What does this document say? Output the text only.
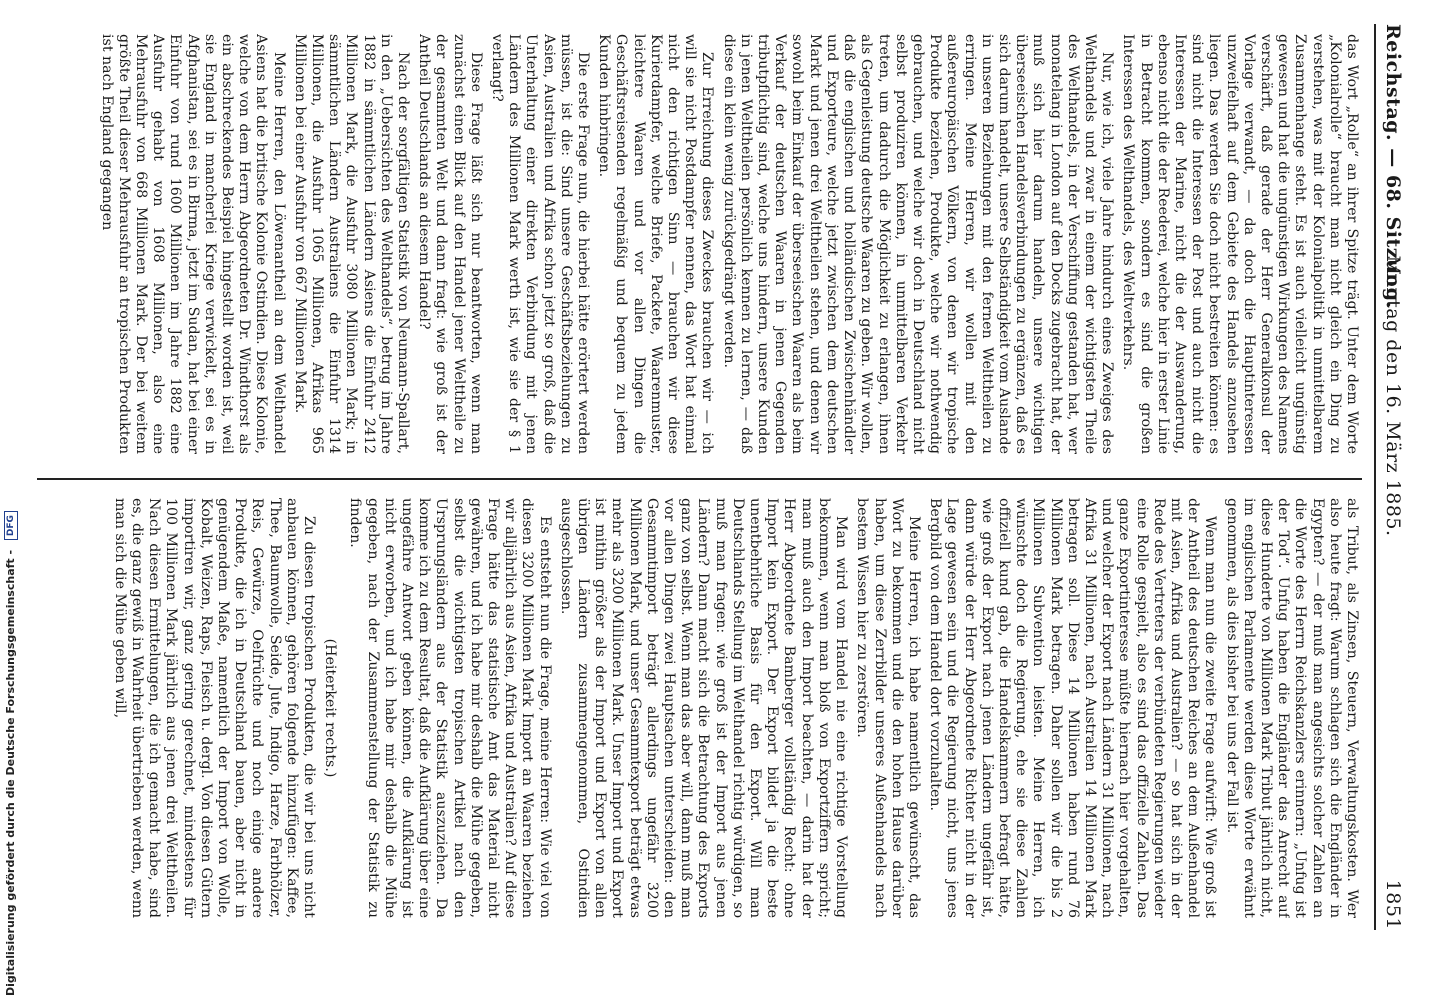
Reichstag. — 68. Sitzung.
Montag den 16. März 1885.  1851

das Wort „Rolle“ an ihrer Spitze trägt. Unter dem Worte „Kolonialrolle“ braucht man nicht gleich ein Ding zu verstehen, was mit der Kolonialpolitik in unmittelbarem Zusammenhange steht. Es ist auch vielleicht ungünstig gewesen und hat die ungünstigen Wirkungen des Namens verschärft, daß gerade der Herr Generalkonsul der Vorlage verwandt, — da doch die Hauptinteressen unzweifelhaft auf dem Gebiete des Handels anzusehen liegen. Das werden Sie doch nicht bestreiten können: es sind nicht die Interessen der Post und auch nicht die Interessen der Marine, nicht die der Auswanderung, ebenso nicht die der Reederei, welche hier in erster Linie in Betracht kommen, sondern es sind die großen Interessen des Welthandels, des Weltverkehrs.

Nur, wie ich, viele Jahre hindurch eines Zweiges des Welthandels und zwar in einem der wichtigsten Theile des Welthandels, in der Verschiffung gestanden hat, wer monatelang in London auf den Docks zugebracht hat, der muß sich hier darum handeln, unsere wichtigen überseeischen Handelsverbindungen zu ergänzen, daß es sich darum handelt, unsere Selbständigkeit vom Auslande in unseren Beziehungen mit den fernen Welttheilen zu erringen. Meine Herren, wir wollen mit den außereuropäischen Völkern, von denen wir tropische Produkte beziehen, Produkte, welche wir nothwendig gebrauchen, und welche wir doch in Deutschland nicht selbst produziren können, in unmittelbaren Verkehr treten, um dadurch die Möglichkeit zu erlangen, ihnen als Gegenleistung deutsche Waaren zu geben. Wir wollen, daß die englischen und holländischen Zwischenhändler und Exporteure, welche jetzt zwischen dem deutschen Markt und jenen drei Welttheilen stehen, und denen wir sowohl beim Einkauf der überseeischen Waaren als beim Verkauf der deutschen Waaren in jenen Gegenden tributpflichtig sind, welche uns hindern, unsere Kunden in jenen Welttheilen persönlich kennen zu lernen, — daß diese ein klein wenig zurückgedrängt werden.

Zur Erreichung dieses Zweckes brauchen wir — ich will sie nicht Postdampfer nennen, das Wort hat einmal nicht den richtigen Sinn — brauchen wir diese Kurierdampfer, welche Briefe, Packete, Waarenmuster, leichtere Waaren und vor allen Dingen die Geschäftsreisenden regelmäßig und bequem zu jedem Kunden hinbringen.

Die erste Frage nun, die hierbei hätte erörtert werden müssen, ist die: Sind unsere Geschäftsbeziehungen zu Asien, Australien und Afrika schon jetzt so groß, daß die Unterhaltung einer direkten Verbindung mit jenen Ländern des Millionen Mark werth ist, wie sie der § 1 verlangt?

Diese Frage läßt sich nur beantworten, wenn man zunächst einen Blick auf den Handel jener Welttheile zu der gesammten Welt und dann fragt: wie groß ist der Antheil Deutschlands an diesem Handel?

Nach der sorgfältigen Statistik von Neumann-Spallart, in den „Uebersichten des Welthandels“, betrug im Jahre 1882 in sämmtlichen Ländern Asiens die Einfuhr 2412 Millionen Mark, die Ausfuhr 3080 Millionen Mark; in sämmtlichen Ländern Australiens die Einfuhr 1314 Millionen, die Ausfuhr 1065 Millionen, Afrikas 965 Millionen bei einer Ausfuhr von 667 Millionen Mark.

Meine Herren, den Löwenantheil an dem Welthandel Asiens hat die britische Kolonie Ostindien. Diese Kolonie, welche von dem Herrn Abgeordneten Dr. Windthorst als ein abschreckendes Beispiel hingestellt worden ist, weil sie England in mancherlei Kriege verwickelt, sei es in Afghanistan, sei es in Birma, jetzt im Sudan, hat bei einer Einfuhr von rund 1600 Millionen im Jahre 1882 eine Ausfuhr gehabt von 1608 Millionen, also eine Mehrausfuhr von 668 Millionen Mark. Der bei weitem größte Theil dieser Mehrausfuhr an tropischen Produkten ist nach England gegangen

als Tribut, als Zinsen, Steuern, Verwaltungskosten. Wer also heute fragt: Warum schlagen sich die Engländer in Egypten? — der muß man angesichts solcher Zahlen an die Worte des Herrn Reichskanzlers erinnern: „Unfug ist der Tod“. Unfug haben die Engländer das Anrecht auf diese Hunderte von Millionen Mark Tribut jährlich nicht, im englischen Parlamente werden diese Worte erwähnt genommen, als dies bisher bei uns der Fall ist.

Wenn man nun die zweite Frage aufwirft: Wie groß ist der Antheil des deutschen Reiches an dem Außenhandel mit Asien, Afrika und Australien? — so hat sich in der Rede des Vertreters der verbündeten Regierungen wieder eine Rolle gespielt, also es sind das offizielle Zahlen. Das ganze Exportinteresse müßte hiernach hier vorgehalten, und welcher der Export nach Ländern 31 Millionen, nach Afrika 31 Millionen, nach Australien 14 Millionen Mark betragen soll. Diese 14 Millionen haben rund 76 Millionen Mark betragen. Daher sollen wir die bis 2 Millionen Subvention leisten. Meine Herren, ich wünschte doch die Regierung, ehe sie diese Zahlen offiziell kund gab, die Handelskammern befragt hätte, wie groß der Export nach jenen Ländern ungefähr ist, dann würde der Herr Abgeordnete Richter nicht in der Lage gewesen sein und die Regierung nicht, uns jenes Bergbild von dem Handel dort vorzuhalten.

Meine Herren, ich habe namentlich gewünscht, das Wort zu bekommen und die den hohen Hause darüber haben, um diese Zerrbilder unseres Außenhandels nach bestem Wissen hier zu zerstören.

Man wird vom Handel nie eine richtige Vorstellung bekommen, wenn man bloß von Exportziffern spricht; man muß auch den Import beachten, — darin hat der Herr Abgeordnete Bamberger vollständig Recht: ohne Import kein Export. Der Export bildet ja die beste unentbehrliche Basis für den Export. Will man Deutschlands Stellung im Welthandel richtig würdigen, so muß man fragen: wie groß ist der Import aus jenen Ländern? Dann macht sich die Betrachtung des Exports ganz von selbst. Wenn man das aber will, dann muß man vor allen Dingen zwei Hauptsachen unterscheiden: den Gesammtimport beträgt allerdings ungefähr 3200 Millionen Mark, und unser Gesammtexport beträgt etwas mehr als 3200 Millionen Mark. Unser Import und Export ist mithin größer als der Import und Export von allen übrigen Ländern zusammengenommen, Ostindien ausgeschlossen.

Es entsteht nun die Frage, meine Herren: Wie viel von diesen 3200 Millionen Mark Import an Waaren beziehen wir alljährlich aus Asien, Afrika und Australien? Auf diese Frage hätte das statistische Amt das Material nicht gewähren, und ich habe mir deshalb die Mühe gegeben, selbst die wichtigsten tropischen Artikel nach den Ursprungsländern aus der Statistik auszuziehen. Da komme ich zu dem Resultat, daß die Aufklärung über eine ungefähre Antwort geben können, die Aufklärung ist nicht erworben, und ich habe mir deshalb die Mühe gegeben, nach der Zusammenstellung der Statistik zu finden.

(Heiterkeit rechts.)

Zu diesen tropischen Produkten, die wir bei uns nicht anbauen können, gehören folgende hinzufügen: Kaffee, Thee, Baumwolle, Seide, Jute, Indigo, Harze, Farbhölzer, Reis, Gewürze, Oelfrüchte und noch einige andere Produkte, die ich in Deutschland bauen, aber nicht in genügendem Maße, namentlich der Import von Wolle, Kobalt, Weizen, Raps, Fleisch u. dergl. Von diesen Gütern importiren wir, ganz gering gerechnet, mindestens für 100 Millionen Mark jährlich aus jenen drei Welttheilen. Nach diesen Ermittelungen, die ich gemacht habe, sind es, die ganz gewiß in Wahrheit übertrieben werden, wenn man sich die Mühe geben will,

Digitalisierung gefördert durch die Deutsche Forschungsgemeinschaft - DFG
